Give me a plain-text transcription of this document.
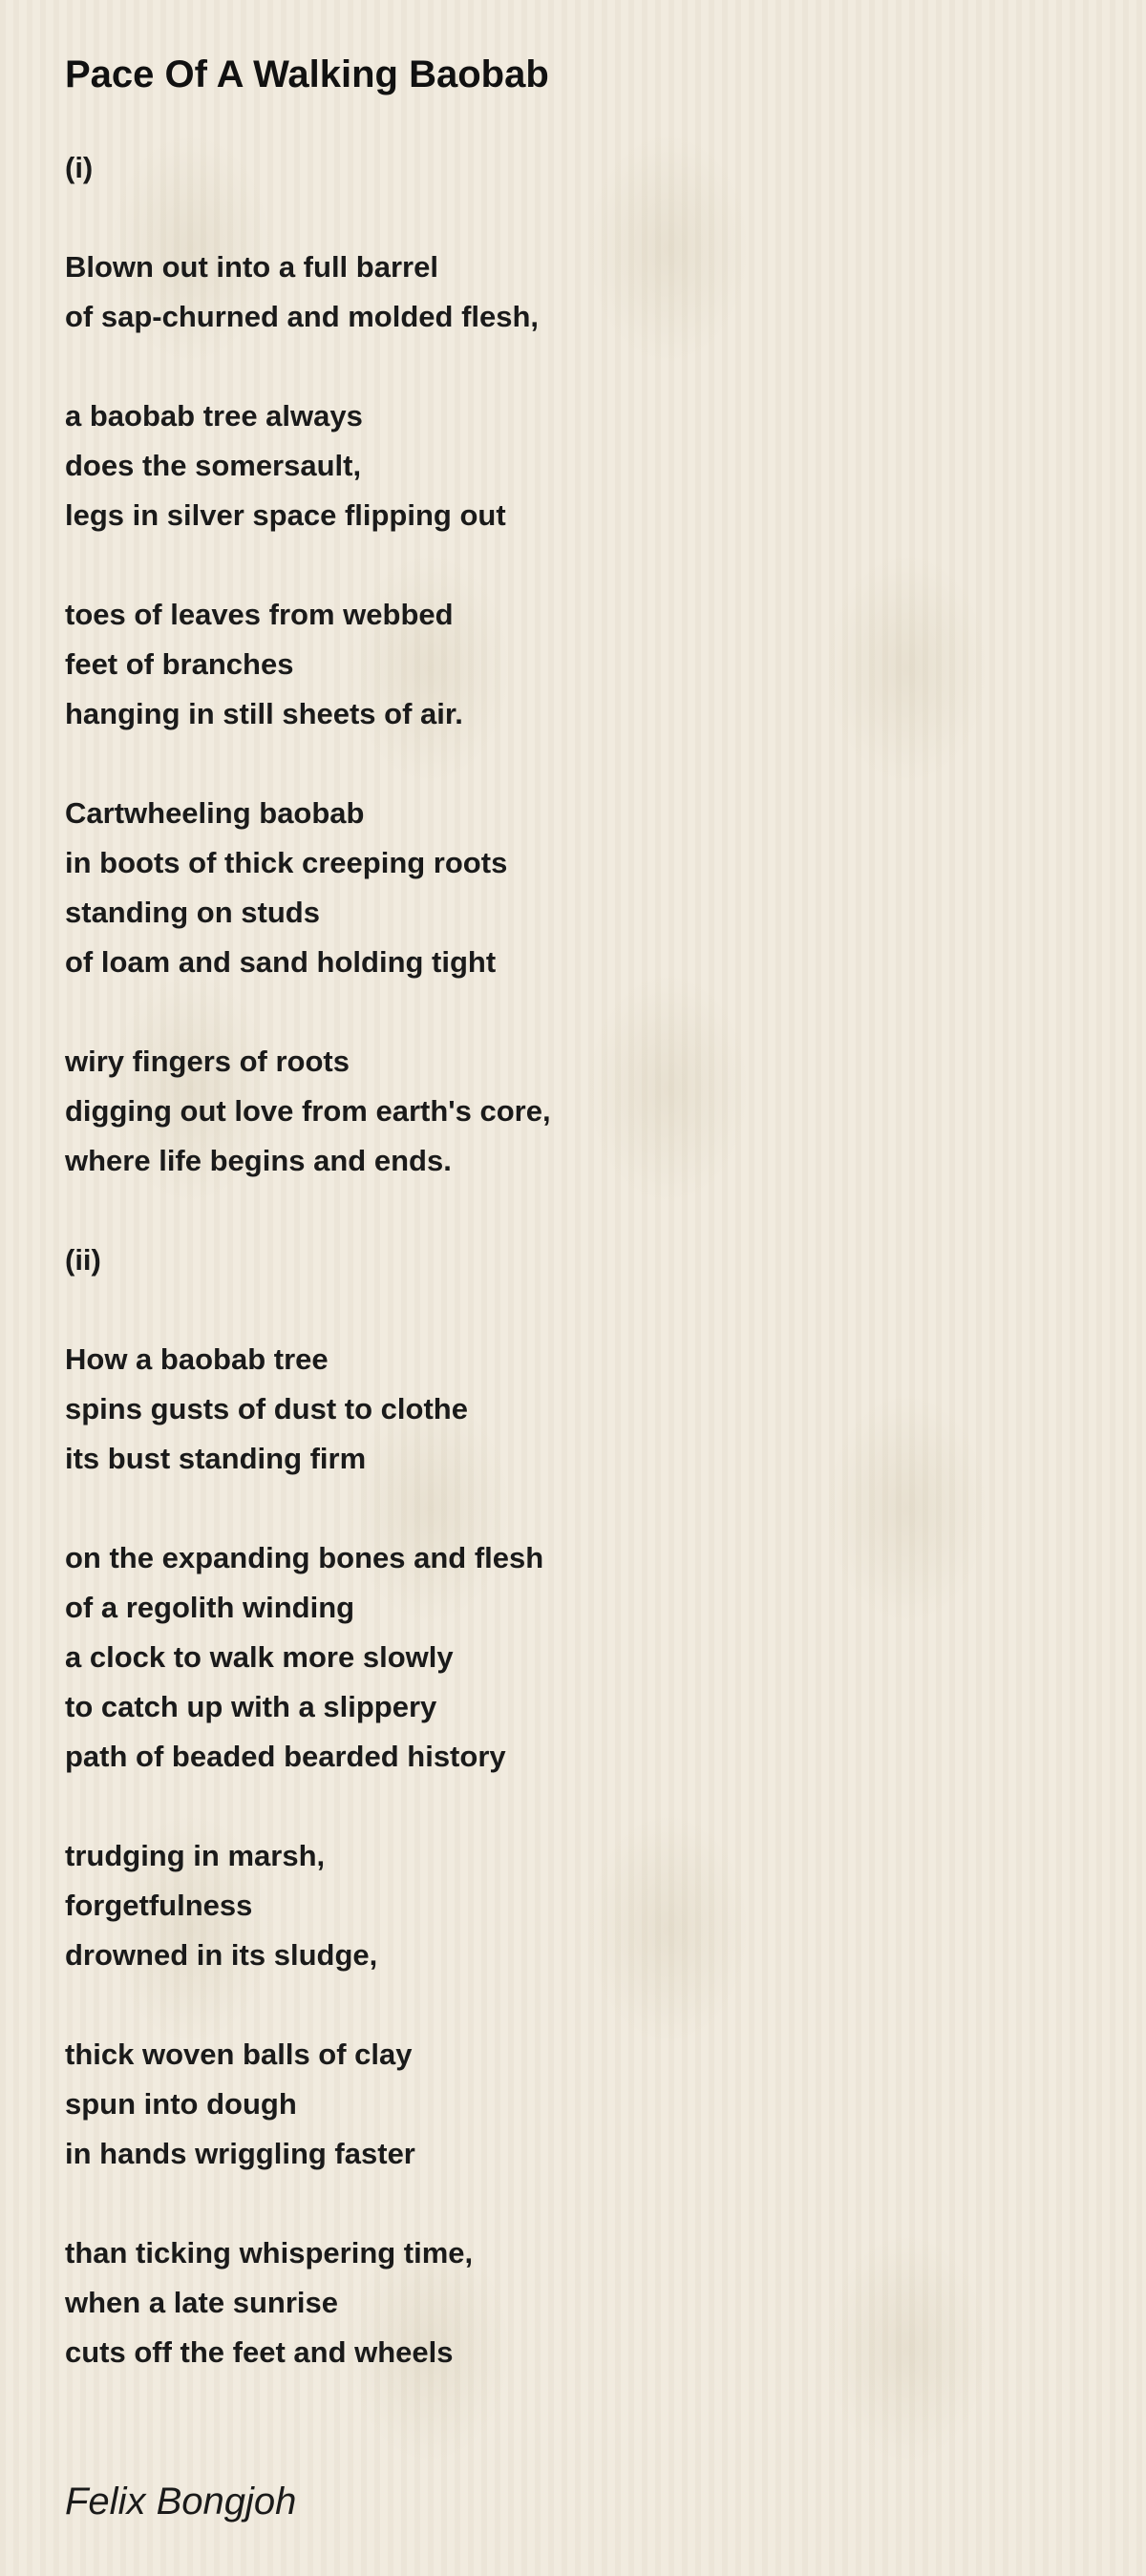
Pace Of A Walking Baobab
(i)
Blown out into a full barrel
of sap-churned and molded flesh,
a baobab tree always
does the somersault,
legs in silver space flipping out
toes of leaves from webbed
feet of branches
hanging in still sheets of air.
Cartwheeling baobab
in boots of thick creeping roots
standing on studs
of loam and sand holding tight
wiry fingers of roots
digging out love from earth's core,
where life begins and ends.
(ii)
How a baobab tree
spins gusts of dust to clothe
its bust standing firm
on the expanding bones and flesh
of a regolith winding
a clock to walk more slowly
to catch up with a slippery
path of beaded bearded history
trudging in marsh,
forgetfulness
drowned in its sludge,
thick woven balls of clay
spun into dough
in hands wriggling faster
than ticking whispering time,
when a late sunrise
cuts off the feet and wheels
Felix Bongjoh
